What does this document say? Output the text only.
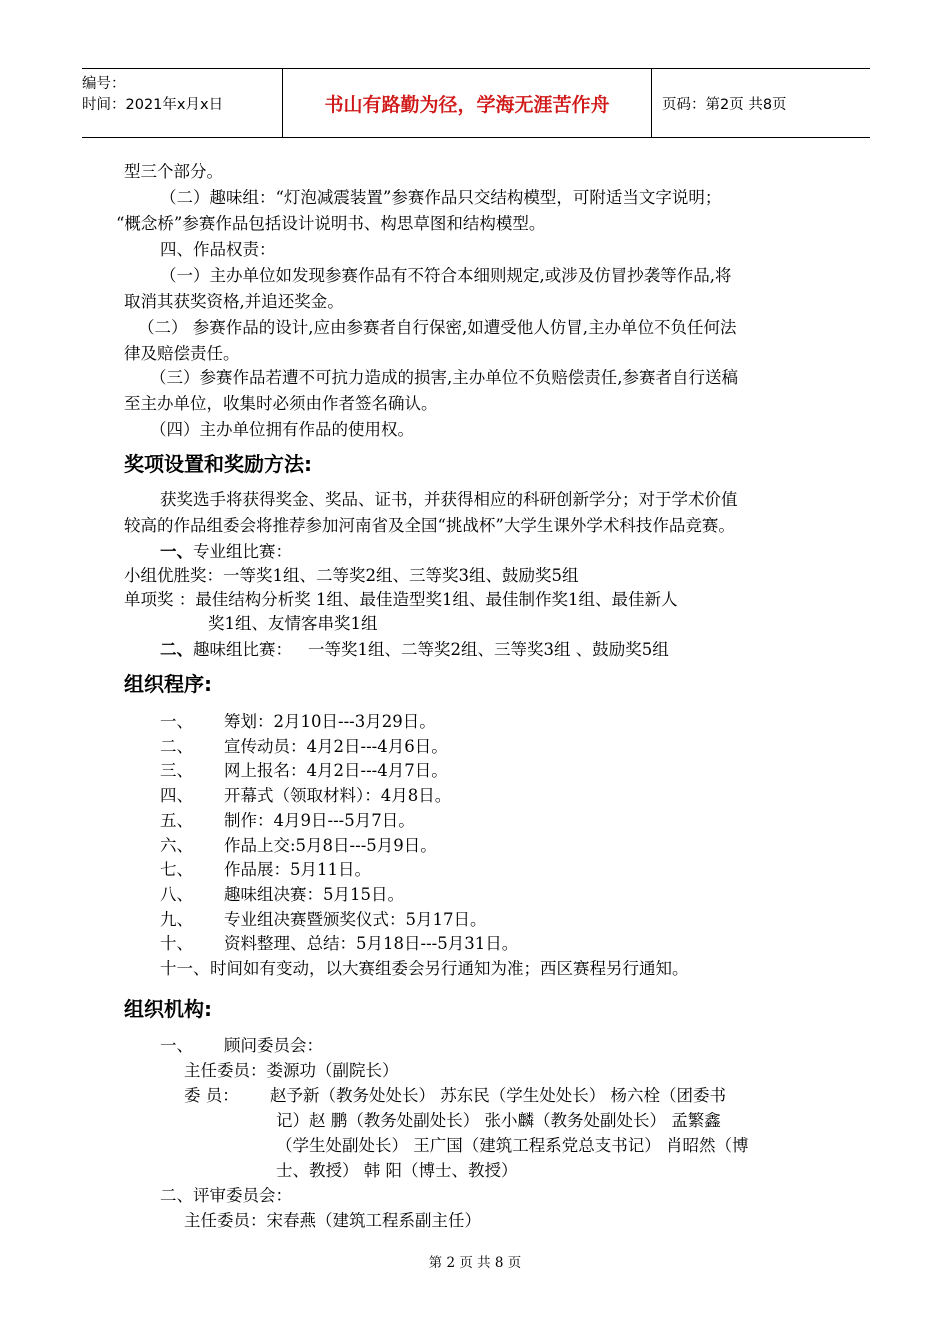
编号：
时间：2021年x月x日	书山有路勤为径，学海无涯苦作舟	页码：第2页 共8页
型三个部分。
（二）趣味组：“灯泡减震装置”参赛作品只交结构模型，可附适当文字说明；
“概念桥”参赛作品包括设计说明书、构思草图和结构模型。
四、作品权责：
（一）主办单位如发现参赛作品有不符合本细则规定,或涉及仿冒抄袭等作品,将
取消其获奖资格,并追还奖金。
（二） 参赛作品的设计,应由参赛者自行保密,如遭受他人仿冒,主办单位不负任何法
律及赔偿责任。
（三）参赛作品若遭不可抗力造成的损害,主办单位不负赔偿责任,参赛者自行送稿
至主办单位，收集时必须由作者签名确认。
（四）主办单位拥有作品的使用权。
奖项设置和奖励方法:
获奖选手将获得奖金、奖品、证书，并获得相应的科研创新学分；对于学术价值
较高的作品组委会将推荐参加河南省及全国“挑战杯”大学生课外学术科技作品竞赛。
一、专业组比赛：
小组优胜奖：一等奖1组、二等奖2组、三等奖3组、鼓励奖5组
单项奖 ：最佳结构分析奖 1组、最佳造型奖1组、最佳制作奖1组、最佳新人
奖1组、友情客串奖1组
二、趣味组比赛： 一等奖1组、二等奖2组、三等奖3组 、鼓励奖5组
组织程序:
一、 筹划：2月10日---3月29日。
二、 宣传动员：4月2日---4月6日。
三、 网上报名：4月2日---4月7日。
四、 开幕式（领取材料）：4月8日。
五、 制作：4月9日---5月7日。
六、 作品上交:5月8日---5月9日。
七、 作品展：5月11日。
八、 趣味组决赛：5月15日。
九、 专业组决赛暨颁奖仪式：5月17日。
十、 资料整理、总结：5月18日---5月31日。
十一、时间如有变动，以大赛组委会另行通知为准；西区赛程另行通知。
组织机构:
一、 顾问委员会：
主任委员：娄源功（副院长）
委 员： 赵予新（教务处处长） 苏东民（学生处处长） 杨六栓（团委书
记）赵 鹏（教务处副处长） 张小麟（教务处副处长） 孟繁鑫
（学生处副处长） 王广国（建筑工程系党总支书记） 肖昭然（博
士、教授） 韩 阳（博士、教授）
二、评审委员会：
主任委员：宋春燕（建筑工程系副主任）
第 2 页 共 8 页
